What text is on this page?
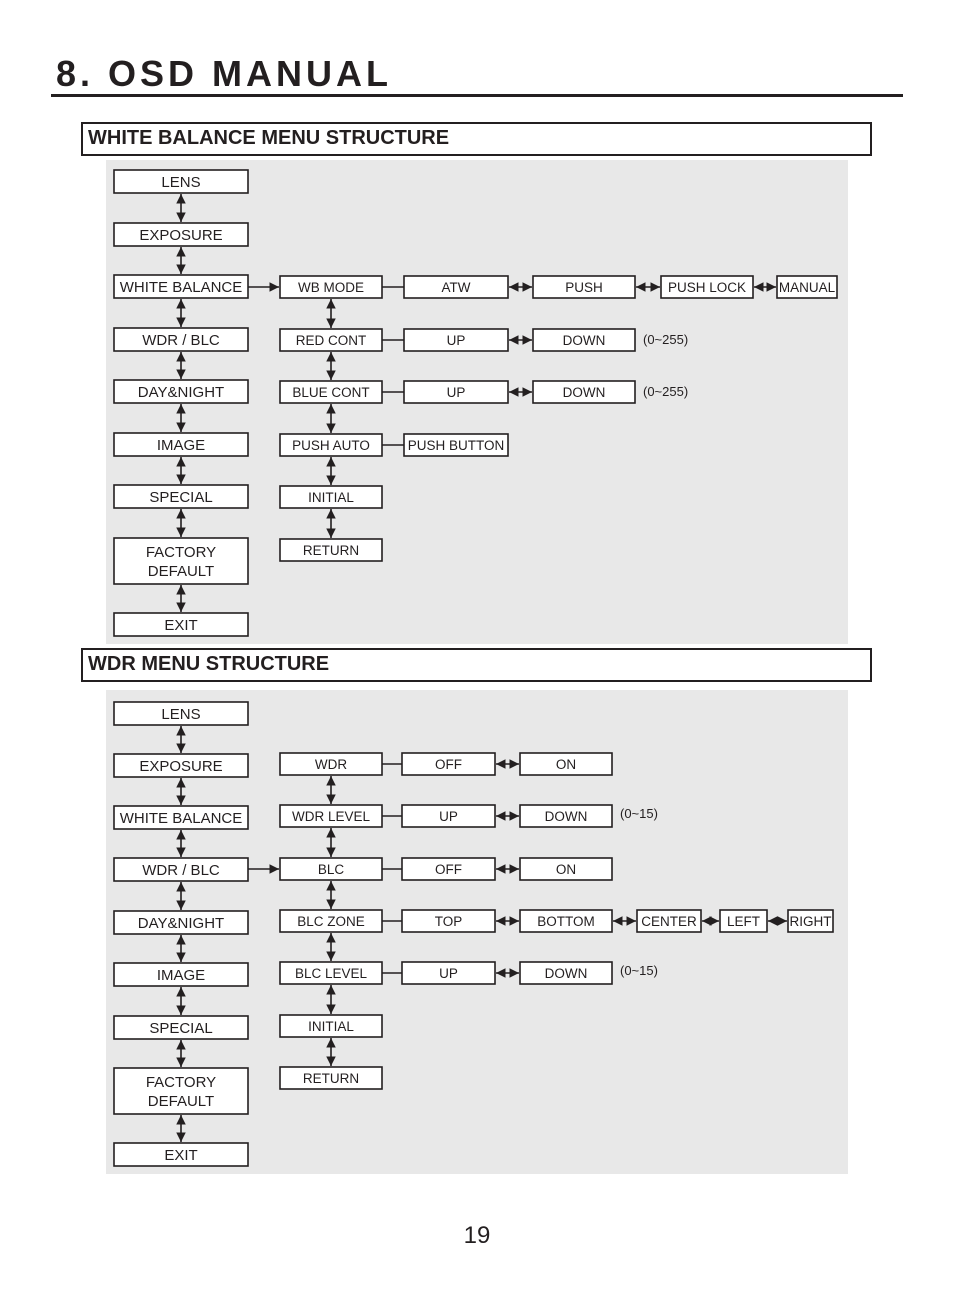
8. OSD MANUAL
WHITE BALANCE MENU STRUCTURE
LENS
EXPOSURE
WHITE BALANCE
WDR / BLC
DAY&NIGHT
IMAGE
SPECIAL
FACTORY
DEFAULT
EXIT
WB MODE
RED CONT
BLUE CONT
PUSH AUTO
INITIAL
RETURN
ATW	PUSH	PUSH LOCK MANUAL
UP	DOWN	(0~255)
UP	DOWN	(0~255)
PUSH BUTTON
WDR MENU STRUCTURE
LENS
EXPOSURE
WHITE BALANCE
WDR / BLC
DAY&NIGHT
IMAGE
SPECIAL
FACTORY
DEFAULT
EXIT
WDR
WDR LEVEL
BLC
BLC ZONE
BLC LEVEL
INITIAL
RETURN
OFF	ON
UP	DOWN	(0~15)
OFF	ON
TOP	BOTTOM	CENTER LEFT RIGHT
UP	DOWN	(0~15)
19
